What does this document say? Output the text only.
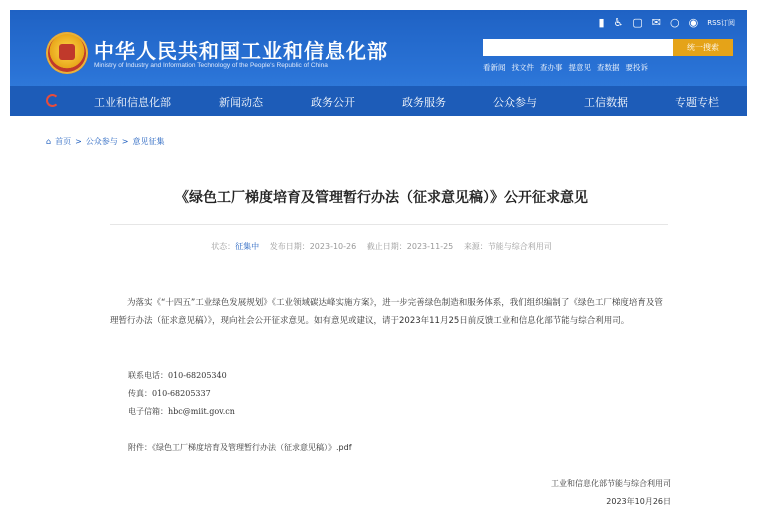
中华人民共和国工业和信息化部
Ministry of Industry and Information Technology of the People's Republic of China
▮ ♿ ▢ ✉ ○ ◉ RSS订阅
统一搜索
看新闻 找文件 查办事 提意见 查数据 要投诉
工业和信息化部	新闻动态	政务公开	政务服务	公众参与	工信数据	专题专栏
⌂ 首页 > 公众参与 > 意见征集
《绿色工厂梯度培育及管理暂行办法（征求意见稿）》公开征求意见
状态：征集中 发布日期：2023-10-26 截止日期：2023-11-25 来源：节能与综合利用司
为落实《“十四五”工业绿色发展规划》《工业领域碳达峰实施方案》，进一步完善绿色制造和服务体系，我们组织编制了《绿色工厂梯度培育及管理暂行办法（征求意见稿）》，现向社会公开征求意见。如有意见或建议，请于2023年11月25日前反馈工业和信息化部节能与综合利用司。
联系电话：010-68205340
传真：010-68205337
电子信箱：hbc@miit.gov.cn
附件：《绿色工厂梯度培育及管理暂行办法（征求意见稿）》.pdf
工业和信息化部节能与综合利用司
2023年10月26日
